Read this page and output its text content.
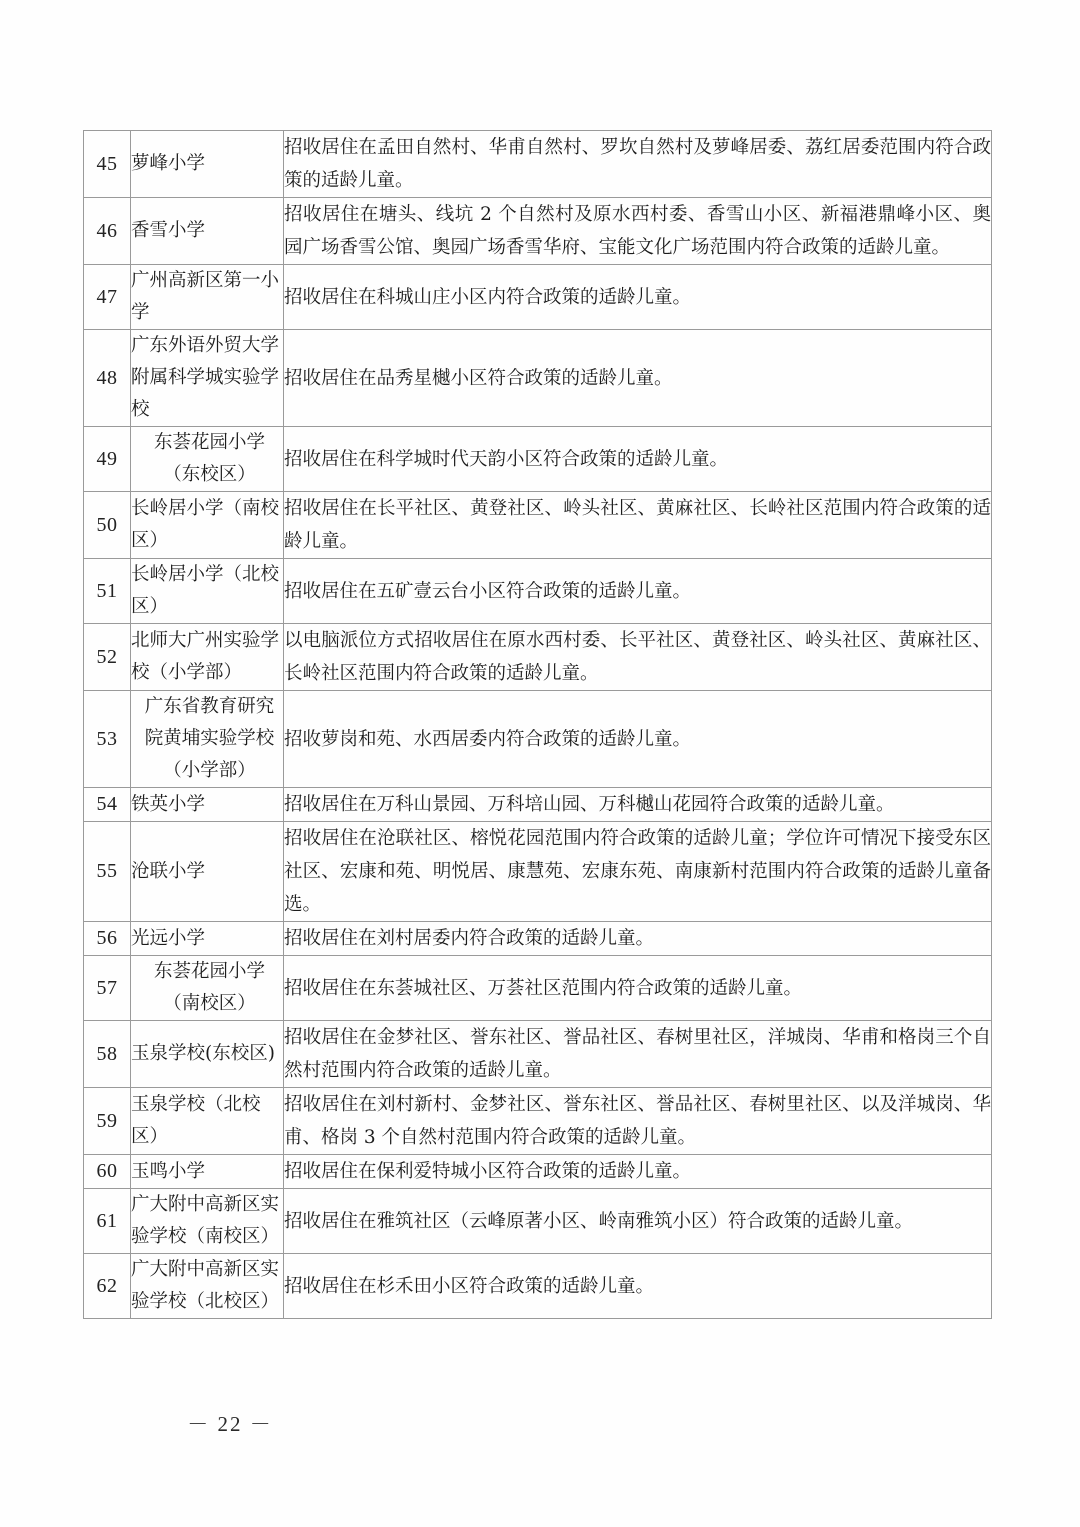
45	萝峰小学	招收居住在孟田自然村、华甫自然村、罗坎自然村及萝峰居委、荔红居委范围内符合政策的适龄儿童。
46	香雪小学	招收居住在塘头、线坑 2 个自然村及原水西村委、香雪山小区、新福港鼎峰小区、奥园广场香雪公馆、奥园广场香雪华府、宝能文化广场范围内符合政策的适龄儿童。
47	广州高新区第一小学	招收居住在科城山庄小区内符合政策的适龄儿童。
48	广东外语外贸大学附属科学城实验学校	招收居住在品秀星樾小区符合政策的适龄儿童。
49	东荟花园小学（东校区）	招收居住在科学城时代天韵小区符合政策的适龄儿童。
50	长岭居小学（南校区）	招收居住在长平社区、黄登社区、岭头社区、黄麻社区、长岭社区范围内符合政策的适龄儿童。
51	长岭居小学（北校区）	招收居住在五矿壹云台小区符合政策的适龄儿童。
52	北师大广州实验学校（小学部）	以电脑派位方式招收居住在原水西村委、长平社区、黄登社区、岭头社区、黄麻社区、长岭社区范围内符合政策的适龄儿童。
53	广东省教育研究院黄埔实验学校（小学部）	招收萝岗和苑、水西居委内符合政策的适龄儿童。
54	铁英小学	招收居住在万科山景园、万科培山园、万科樾山花园符合政策的适龄儿童。
55	沧联小学	招收居住在沧联社区、榕悦花园范围内符合政策的适龄儿童；学位许可情况下接受东区社区、宏康和苑、明悦居、康慧苑、宏康东苑、南康新村范围内符合政策的适龄儿童备选。
56	光远小学	招收居住在刘村居委内符合政策的适龄儿童。
57	东荟花园小学（南校区）	招收居住在东荟城社区、万荟社区范围内符合政策的适龄儿童。
58	玉泉学校(东校区)	招收居住在金梦社区、誉东社区、誉品社区、春树里社区，洋城岗、华甫和格岗三个自然村范围内符合政策的适龄儿童。
59	玉泉学校（北校区）	招收居住在刘村新村、金梦社区、誉东社区、誉品社区、春树里社区、以及洋城岗、华甫、格岗 3 个自然村范围内符合政策的适龄儿童。
60	玉鸣小学	招收居住在保利爱特城小区符合政策的适龄儿童。
61	广大附中高新区实验学校（南校区）	招收居住在雅筑社区（云峰原著小区、岭南雅筑小区）符合政策的适龄儿童。
62	广大附中高新区实验学校（北校区）	招收居住在杉禾田小区符合政策的适龄儿童。
－ 22 －
